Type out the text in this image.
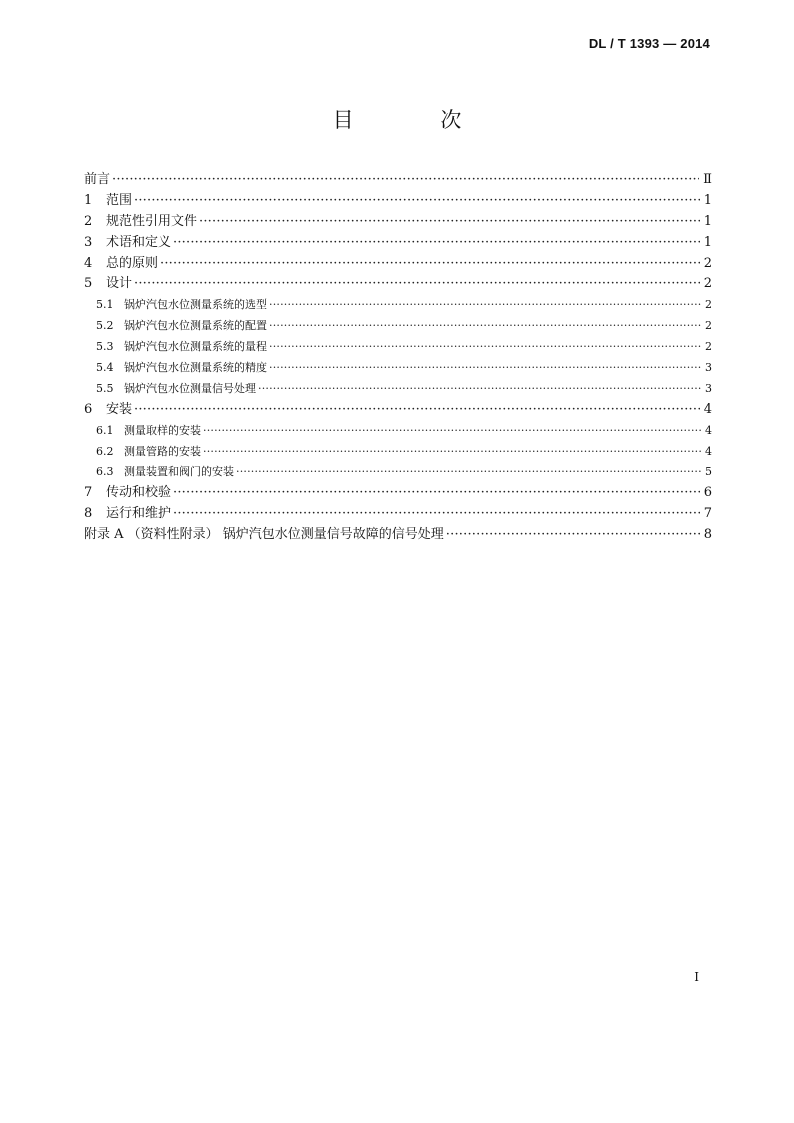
DL / T 1393 — 2014
目 次
前言 ·····	Ⅱ
1	范围 ·····	1
2	规范性引用文件 ·····	1
3	术语和定义 ·····	1
4	总的原则 ·····	2
5	设计 ·····	2
5.1 锅炉汽包水位测量系统的选型 ·····	2
5.2 锅炉汽包水位测量系统的配置 ·····	2
5.3 锅炉汽包水位测量系统的量程 ·····	2
5.4 锅炉汽包水位测量系统的精度 ·····	3
5.5 锅炉汽包水位测量信号处理 ·····	3
6	安装 ·····	4
6.1 测量取样的安装 ·····	4
6.2 测量管路的安装 ·····	4
6.3 测量装置和阀门的安装 ·····	5
7	传动和校验 ·····	6
8	运行和维护 ·····	7
附录 A （资料性附录） 锅炉汽包水位测量信号故障的信号处理 ·····	8
I
